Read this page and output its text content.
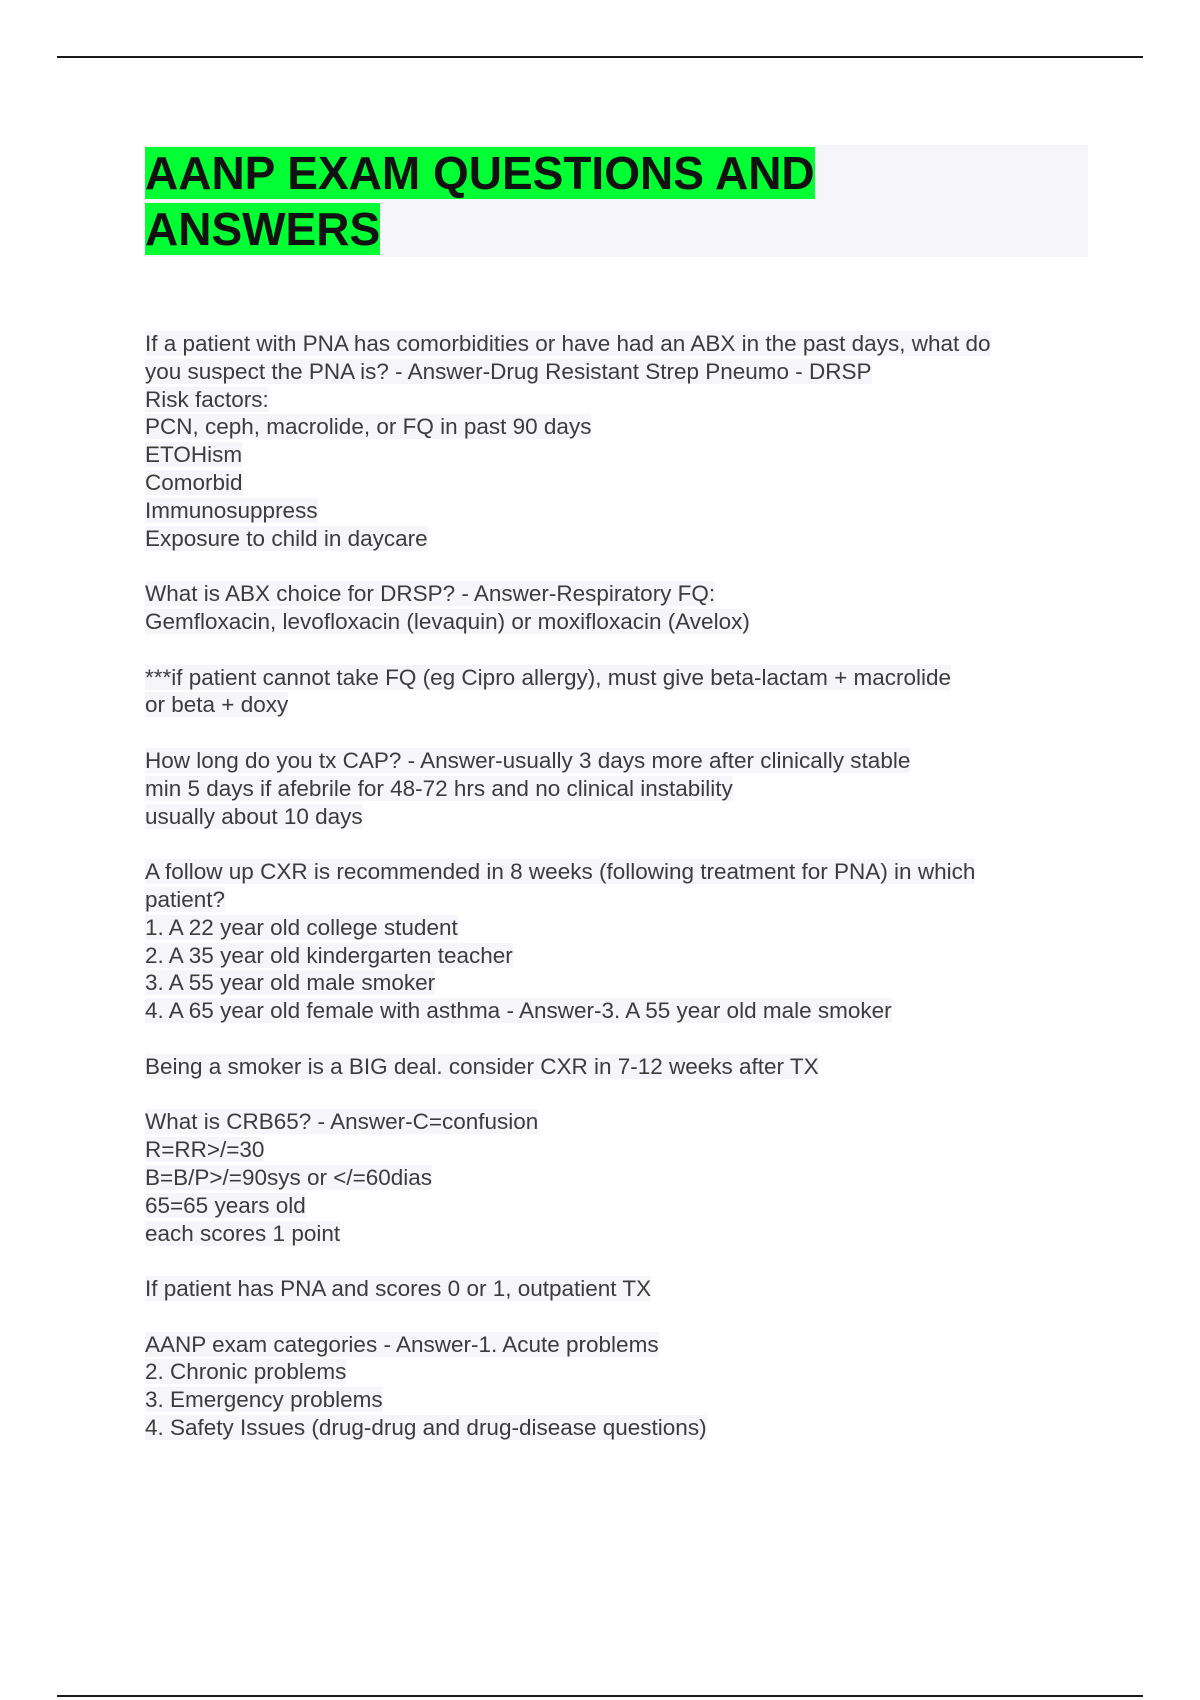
AANP EXAM QUESTIONS AND
ANSWERS
If a patient with PNA has comorbidities or have had an ABX in the past days, what do
you suspect the PNA is? - Answer-Drug Resistant Strep Pneumo - DRSP
Risk factors:
PCN, ceph, macrolide, or FQ in past 90 days
ETOHism
Comorbid
Immunosuppress
Exposure to child in daycare
What is ABX choice for DRSP? - Answer-Respiratory FQ:
Gemfloxacin, levofloxacin (levaquin) or moxifloxacin (Avelox)
***if patient cannot take FQ (eg Cipro allergy), must give beta-lactam + macrolide
or beta + doxy
How long do you tx CAP? - Answer-usually 3 days more after clinically stable
min 5 days if afebrile for 48-72 hrs and no clinical instability
usually about 10 days
A follow up CXR is recommended in 8 weeks (following treatment for PNA) in which
patient?
1. A 22 year old college student
2. A 35 year old kindergarten teacher
3. A 55 year old male smoker
4. A 65 year old female with asthma - Answer-3. A 55 year old male smoker
Being a smoker is a BIG deal. consider CXR in 7-12 weeks after TX
What is CRB65? - Answer-C=confusion
R=RR>/=30
B=B/P>/=90sys or </=60dias
65=65 years old
each scores 1 point
If patient has PNA and scores 0 or 1, outpatient TX
AANP exam categories - Answer-1. Acute problems
2. Chronic problems
3. Emergency problems
4. Safety Issues (drug-drug and drug-disease questions)
